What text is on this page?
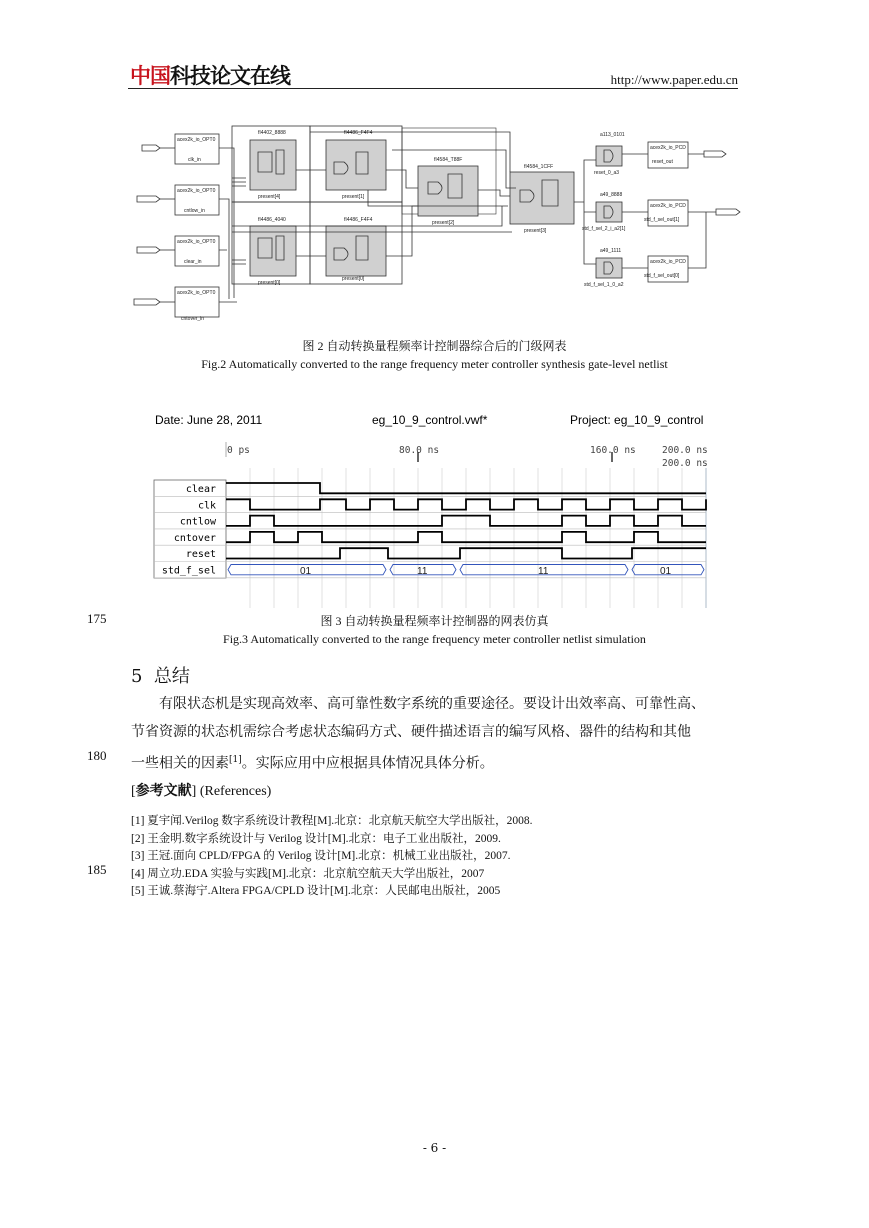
中国科技论文在线	http://www.paper.edu.cn
acex2k_io_OPT0
acex2k_io_OPT0
acex2k_io_OPT0
acex2k_io_OPT0
clk_in
cntlow_in
clear_in
cntover_in
fI4402_8888	fI4486_F4F4
fI4486_4040	fI4486_F4F4
fI4584_T88F
fI4584_1CFF
present[4]
present[0]
present[1]
present[2]
present[3]
present[0]
a113_0101
a49_8888
a49_1111
reset_0_a3
std_f_sel_2_i_a2[1]
std_f_sel_1_0_a2
acex2k_io_PCD
acex2k_io_PCD
acex2k_io_PCD
reset_out
std_f_sel_out[1]
std_f_sel_out[0]
图 2 自动转换量程频率计控制器综合后的门级网表
Fig.2 Automatically converted to the range frequency meter controller synthesis gate-level netlist
Date: June 28, 2011	eg_10_9_control.vwf*	Project: eg_10_9_control
0 ps	80.0 ns	160.0 ns	200.0 ns
200.0 ns
clear
clk
cntlow
cntover
reset
std_f_sel	01	11	11	01
175	图 3 自动转换量程频率计控制器的网表仿真
Fig.3 Automatically converted to the range frequency meter controller netlist simulation
5 总结

有限状态机是实现高效率、高可靠性数字系统的重要途径。要设计出效率高、可靠性高、

节省资源的状态机需综合考虑状态编码方式、硬件描述语言的编写风格、器件的结构和其他
一些相关的因素[1]。实际应用中应根据具体情况具体分析。
180
[参考文献] (References)
[1] 夏宇闻.Verilog 数字系统设计教程[M].北京：北京航天航空大学出版社，2008.
[2] 王金明.数字系统设计与 Verilog 设计[M].北京：电子工业出版社，2009.
[3] 王冠.面向 CPLD/FPGA 的 Verilog 设计[M].北京：机械工业出版社，2007.
[4] 周立功.EDA 实验与实践[M].北京：北京航空航天大学出版社，2007
[5] 王诚.蔡海宁.Altera FPGA/CPLD 设计[M].北京：人民邮电出版社，2005
185
- 6 -
